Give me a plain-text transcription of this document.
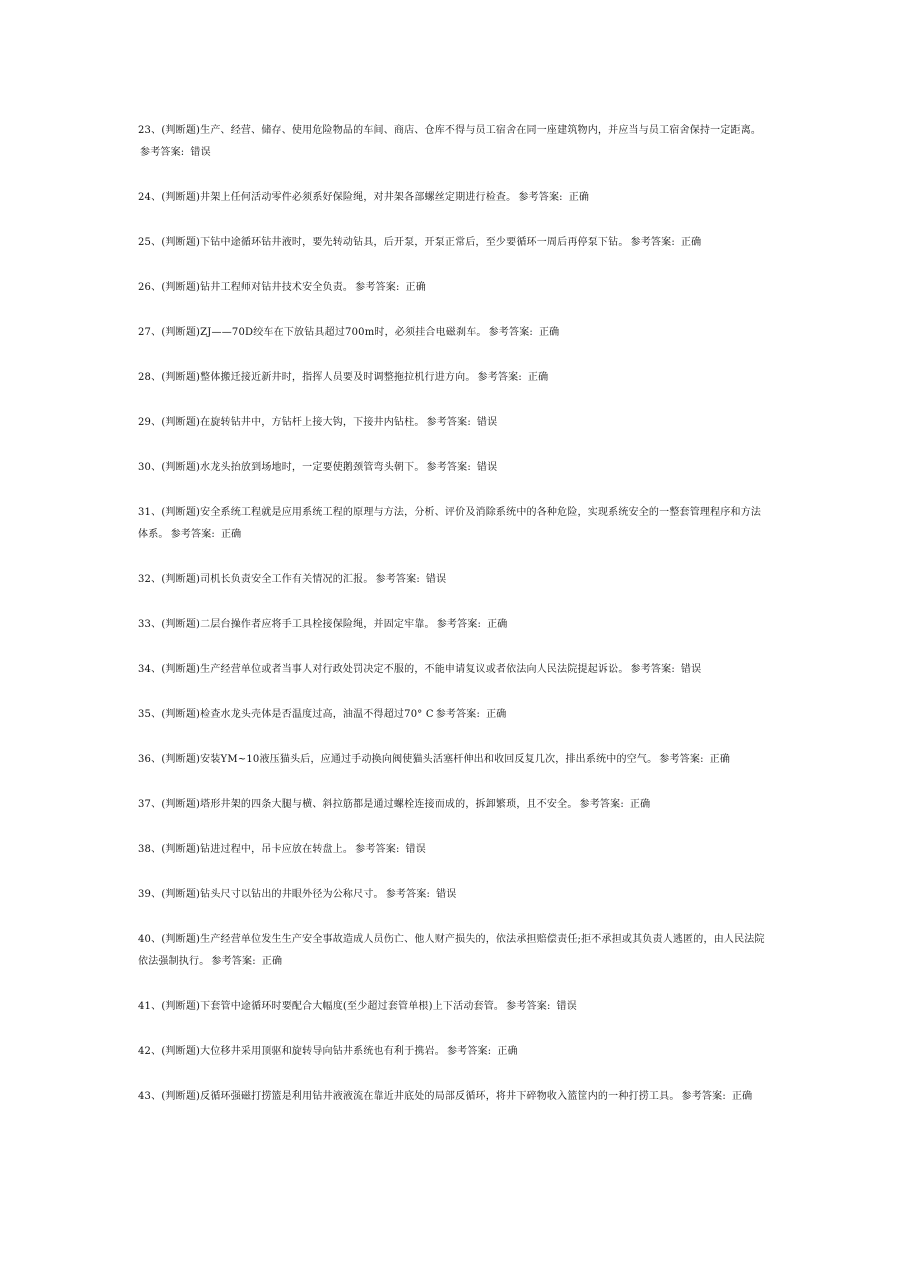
23、(判断题)生产、经营、储存、使用危险物品的车间、商店、仓库不得与员工宿舍在同一座建筑物内，并应当与员工宿舍保持一定距离。参考答案: 错误

24、(判断题)井架上任何活动零件必须系好保险绳，对井架各部螺丝定期进行检查。 参考答案: 正确

25、(判断题)下钻中途循环钻井液时，要先转动钻具，后开泵，开泵正常后，至少要循环一周后再停泵下钻。 参考答案: 正确

26、(判断题)钻井工程师对钻井技术安全负责。 参考答案: 正确

27、(判断题)ZJ——70D绞车在下放钻具超过700m时，必须挂合电磁刹车。 参考答案: 正确

28、(判断题)整体搬迁接近新井时，指挥人员要及时调整拖拉机行进方向。 参考答案: 正确

29、(判断题)在旋转钻井中，方钻杆上接大钩，下接井内钻柱。 参考答案: 错误

30、(判断题)水龙头抬放到场地时，一定要使鹅颈管弯头朝下。 参考答案: 错误

31、(判断题)安全系统工程就是应用系统工程的原理与方法，分析、评价及消除系统中的各种危险，实现系统安全的一整套管理程序和方法体系。 参考答案: 正确

32、(判断题)司机长负责安全工作有关情况的汇报。 参考答案: 错误

33、(判断题)二层台操作者应将手工具栓接保险绳，并固定牢靠。 参考答案: 正确

34、(判断题)生产经营单位或者当事人对行政处罚决定不服的，不能申请复议或者依法向人民法院提起诉讼。 参考答案: 错误

35、(判断题)检查水龙头壳体是否温度过高，油温不得超过70° C 参考答案: 正确

36、(判断题)安装YM~10液压猫头后，应通过手动换向阀使猫头活塞杆伸出和收回反复几次，排出系统中的空气。 参考答案: 正确

37、(判断题)塔形井架的四条大腿与横、斜拉筋都是通过螺栓连接而成的，拆卸繁琐，且不安全。 参考答案: 正确

38、(判断题)钻进过程中，吊卡应放在转盘上。 参考答案: 错误

39、(判断题)钻头尺寸以钻出的井眼外径为公称尺寸。 参考答案: 错误

40、(判断题)生产经营单位发生生产安全事故造成人员伤亡、他人财产损失的，依法承担赔偿责任;拒不承担或其负责人逃匿的，由人民法院依法强制执行。 参考答案: 正确

41、(判断题)下套管中途循环时要配合大幅度(至少超过套管单根)上下活动套管。 参考答案: 错误

42、(判断题)大位移井采用顶驱和旋转导向钻井系统也有利于携岩。 参考答案: 正确

43、(判断题)反循环强磁打捞篮是利用钻井液液流在靠近井底处的局部反循环，将井下碎物收入篮筐内的一种打捞工具。 参考答案: 正确
